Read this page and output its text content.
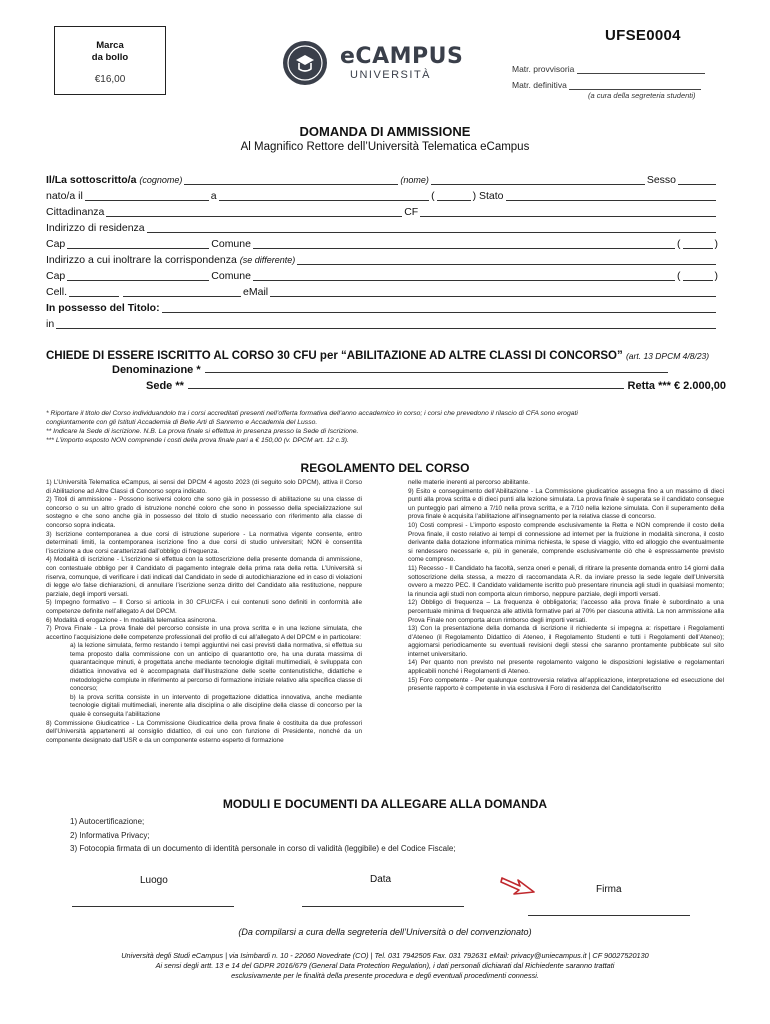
Marca
da bollo
€16,00
UFSE0004
eCAMPUS
UNIVERSITÀ	Matr. provvisoria
Matr. definitiva
(a cura della segreteria studenti)
DOMANDA DI AMMISSIONE
Al Magnifico Rettore dell’Università Telematica eCampus
Il/La sottoscritto/a
(cognome)	(nome)	Sesso
nato/a il	a	(	) Stato
Cittadinanza	CF
Indirizzo di residenza
Cap	Comune	(	)
Indirizzo a cui inoltrare la corrispondenza
(se differente)
Cap	Comune	(	)
Cell.	eMail
In possesso del Titolo:
in
CHIEDE DI ESSERE ISCRITTO AL CORSO 30 CFU per “ABILITAZIONE AD ALTRE CLASSI DI CONCORSO” (art. 13 DPCM 4/8/23)
Denominazione *
Sede **	Retta *** € 2.000,00
* Riportare il titolo del Corso individuandolo tra i corsi accreditati presenti nell’offerta formativa dell’anno accademico in corso; i corsi che prevedono il rilascio di CFA sono erogati
congiuntamente con gli Istituti Accademia di Belle Arti di Sanremo e Accademia del Lusso.
** Indicare la Sede di iscrizione. N.B. La prova finale si effettua in presenza presso la Sede di Iscrizione.
*** L’importo esposto NON comprende i costi della prova finale pari a € 150,00 (v. DPCM art. 12 c.3).
REGOLAMENTO DEL CORSO

1) L’Università Telematica eCampus, ai sensi del DPCM 4 agosto 2023 (di seguito solo DPCM), attiva il Corso di Abilitazione ad Altre Classi di Concorso sopra indicato.

2) Titoli di ammissione - Possono iscriversi coloro che sono già in possesso di abilitazione su una classe di concorso o su un altro grado di istruzione nonché coloro che sono in possesso della specializzazione sul sostegno e che sono anche già in possesso del titolo di studio necessario con riferimento alla classe di concorso sopra indicata.

3) Iscrizione contemporanea a due corsi di istruzione superiore - La normativa vigente consente, entro determinati limiti, la contemporanea iscrizione fino a due corsi di studio universitari; NON è consentita l’iscrizione a due corsi caratterizzati dall’obbligo di frequenza.

4) Modalità di iscrizione - L’iscrizione si effettua con la sottoscrizione della presente domanda di ammissione, con contestuale obbligo per il Candidato di pagamento integrale della prima rata della retta. L’Università si riserva, comunque, di verificare i dati indicati dal Candidato in sede di autodichiarazione ed in caso di violazioni di legge e/o false dichiarazioni, di annullare l’iscrizione senza diritto del Candidato alla restituzione, neppure parziale, degli importi versati.

5) Impegno formativo – Il Corso si articola in 30 CFU/CFA i cui contenuti sono definiti in conformità alle competenze definite nell’allegato A del DPCM.

6) Modalità di erogazione - In modalità telematica asincrona.

7) Prova Finale - La prova finale del percorso consiste in una prova scritta e in una lezione simulata, che accertino l’acquisizione delle competenze professionali del profilo di cui all’allegato A del DPCM e in particolare:

a) la lezione simulata, fermo restando i tempi aggiuntivi nei casi previsti dalla normativa, si effettua su tema proposto dalla commissione con un anticipo di quarantotto ore, ha una durata massima di quarantacinque minuti, è progettata anche mediante tecnologie digitali multimediali, è sviluppata con didattica innovativa ed è accompagnata dall’illustrazione delle scelte contenutistiche, didattiche e metodologiche compiute in riferimento al percorso di formazione iniziale relativo alla specifica classe di concorso;

b) la prova scritta consiste in un intervento di progettazione didattica innovativa, anche mediante tecnologie digitali multimediali, inerente alla disciplina o alle discipline della classe di concorso per la quale è conseguita l’abilitazione

8) Commissione Giudicatrice - La Commissione Giudicatrice della prova finale è costituita da due professori dell’Università appartenenti al consiglio didattico, di cui uno con funzione di Presidente, nonché da un componente designato dall’USR e da un componente esterno esperto di formazione

nelle materie inerenti al percorso abilitante.

9) Esito e conseguimento dell’Abilitazione - La Commissione giudicatrice assegna fino a un massimo di dieci punti alla prova scritta e di dieci punti alla lezione simulata. La prova finale è superata se il candidato consegue un punteggio pari almeno a 7/10 nella prova scritta, e a 7/10 nella lezione simulata. Con il superamento della prova finale è acquisita l’abilitazione all’insegnamento per la relativa classe di concorso.

10) Costi compresi - L’importo esposto comprende esclusivamente la Retta e NON comprende il costo della Prova finale, il costo relativo ai tempi di connessione ad internet per la fruizione in modalità sincrona, il costo derivante dalla dotazione informatica minima richiesta, le spese di viaggio, vitto ed alloggio che eventualmente si rendessero necessarie e, più in generale, comprende esclusivamente ciò che è espressamente previsto come compreso.

11) Recesso - Il Candidato ha facoltà, senza oneri e penali, di ritirare la presente domanda entro 14 giorni dalla sottoscrizione della stessa, a mezzo di raccomandata A.R. da inviare presso la sede legale dell’Università ovvero a mezzo PEC. Il Candidato validamente iscritto può presentare rinuncia agli studi in qualsiasi momento; la rinuncia agli studi non comporta alcun rimborso, neppure parziale, degli importi versati.

12) Obbligo di frequenza – La frequenza è obbligatoria; l’accesso alla prova finale è subordinato a una percentuale minima di frequenza alle attività formative pari al 70% per ciascuna attività. La non ammissione alla Prova Finale non comporta alcun rimborso degli importi versati.

13) Con la presentazione della domanda di iscrizione il richiedente si impegna a: rispettare i Regolamenti d’Ateneo (il Regolamento Didattico di Ateneo, il Regolamento Studenti e tutti i Regolamenti dell’Ateneo); aggiornarsi periodicamente su eventuali revisioni degli stessi che saranno prontamente pubblicate sul sito internet universitario.

14) Per quanto non previsto nel presente regolamento valgono le disposizioni legislative e regolamentari applicabili nonché i Regolamenti di Ateneo.

15) Foro competente - Per qualunque controversia relativa all’applicazione, interpretazione ed esecuzione del presente rapporto è competente in via esclusiva il Foro di residenza del Candidato/Iscritto

MODULI E DOCUMENTI DA ALLEGARE ALLA DOMANDA
1) Autocertificazione;
2) Informativa Privacy;
3) Fotocopia firmata di un documento di identità personale in corso di validità (leggibile) e del Codice Fiscale;
Luogo	Data
Firma
(Da compilarsi a cura della segreteria dell’Università o del convenzionato)
Università degli Studi eCampus | via Isimbardi n. 10 - 22060 Novedrate (CO) | Tel. 031 7942505 Fax. 031 792631 eMail: privacy@uniecampus.it | CF 90027520130
Ai sensi degli artt. 13 e 14 del GDPR 2016/679 (General Data Protection Regulation), i dati personali dichiarati dal Richiedente saranno trattati
esclusivamente per le finalità della presente procedura e degli eventuali procedimenti connessi.
